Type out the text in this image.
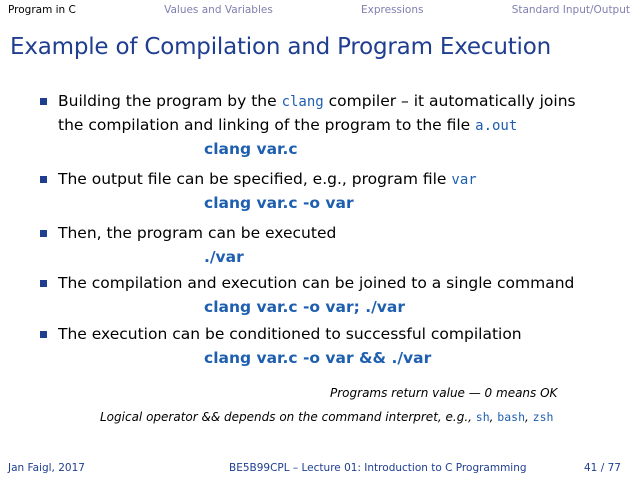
Program in C	Values and Variables	Expressions	Standard Input/Output
Example of Compilation and Program Execution
Building the program by the clang compiler – it automatically joins
the compilation and linking of the program to the file a.out
clang var.c
The output file can be specified, e.g., program file var
clang var.c -o var
Then, the program can be executed
./var
The compilation and execution can be joined to a single command
clang var.c -o var; ./var
The execution can be conditioned to successful compilation
clang var.c -o var && ./var
Programs return value — 0 means OK
Logical operator && depends on the command interpret, e.g., sh, bash, zsh
Jan Faigl, 2017	BE5B99CPL – Lecture 01: Introduction to C Programming	41 / 77
